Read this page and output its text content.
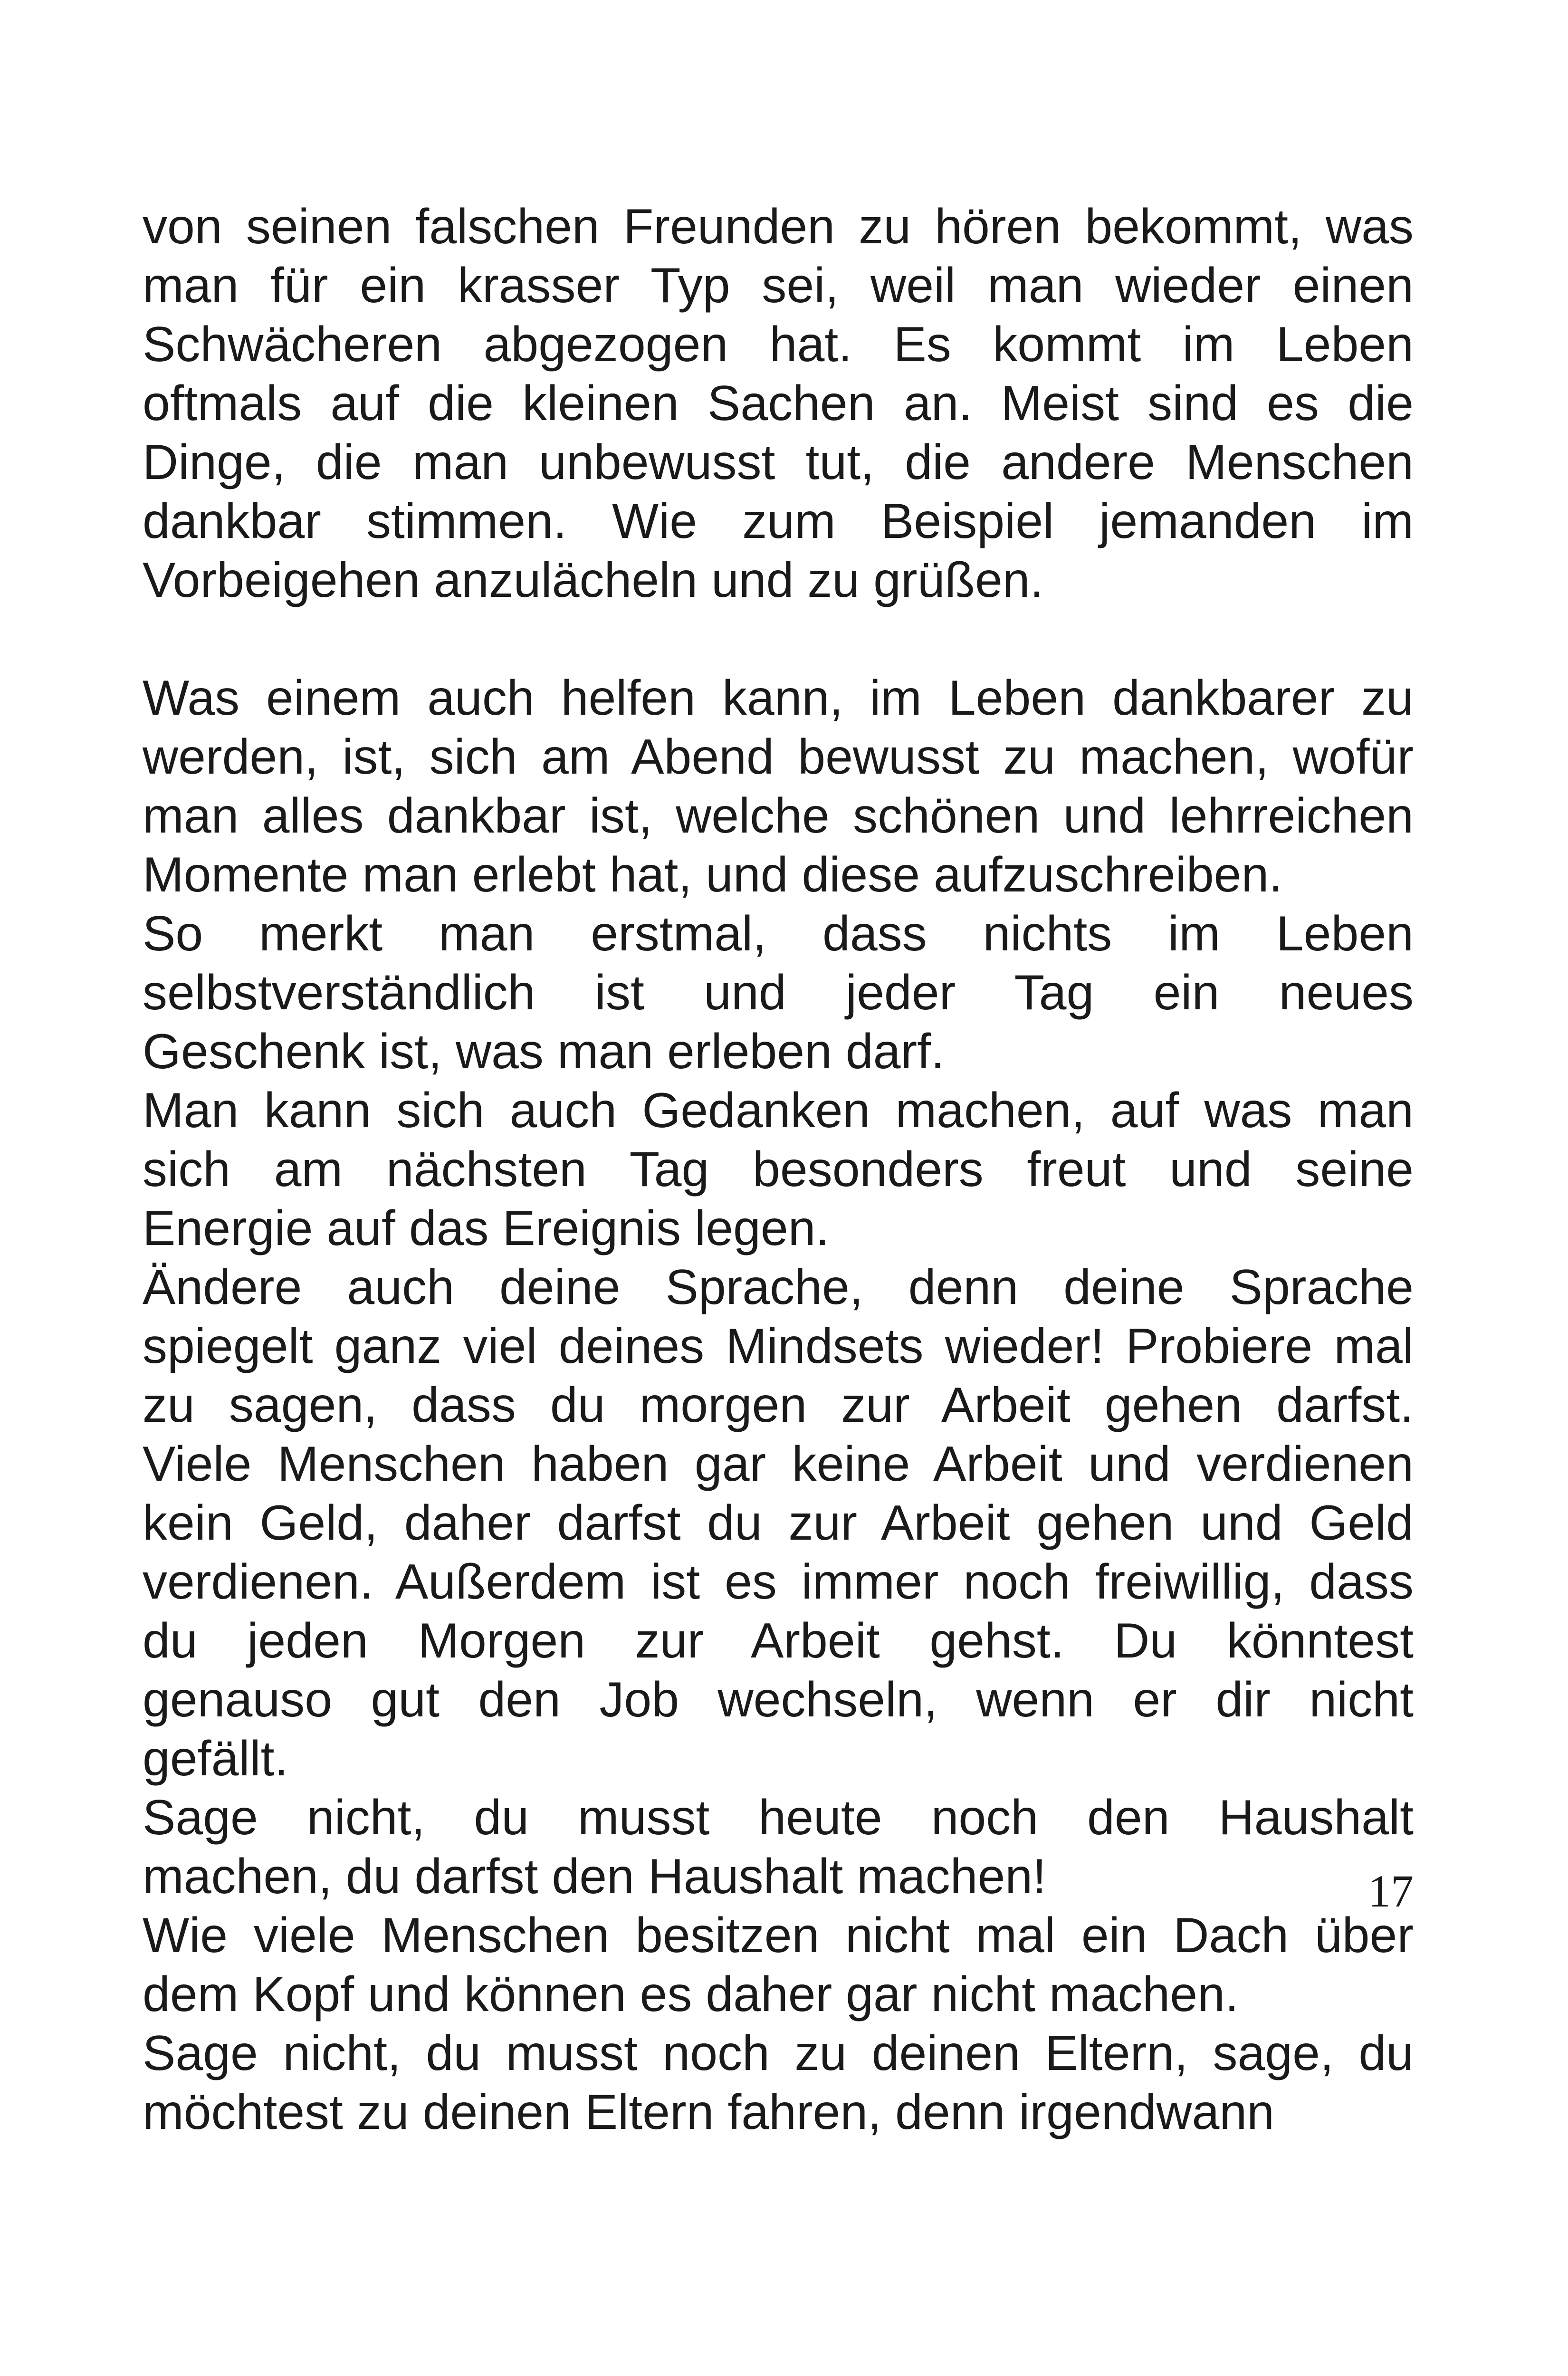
von seinen falschen Freunden zu hören bekommt, was
man für ein krasser Typ sei, weil man wieder einen
Schwächeren abgezogen hat. Es kommt im Leben
oftmals auf die kleinen Sachen an. Meist sind es die
Dinge, die man unbewusst tut, die andere Menschen
dankbar stimmen. Wie zum Beispiel jemanden im
Vorbeigehen anzulächeln und zu grüßen.

Was einem auch helfen kann, im Leben dankbarer zu
werden, ist, sich am Abend bewusst zu machen, wofür
man alles dankbar ist, welche schönen und lehrreichen
Momente man erlebt hat, und diese aufzuschreiben.

So merkt man erstmal, dass nichts im Leben
selbstverständlich ist und jeder Tag ein neues
Geschenk ist, was man erleben darf.

Man kann sich auch Gedanken machen, auf was man
sich am nächsten Tag besonders freut und seine
Energie auf das Ereignis legen.

Ändere auch deine Sprache, denn deine Sprache
spiegelt ganz viel deines Mindsets wieder! Probiere mal
zu sagen, dass du morgen zur Arbeit gehen darfst.
Viele Menschen haben gar keine Arbeit und verdienen
kein Geld, daher darfst du zur Arbeit gehen und Geld
verdienen. Außerdem ist es immer noch freiwillig, dass
du jeden Morgen zur Arbeit gehst. Du könntest
genauso gut den Job wechseln, wenn er dir nicht
gefällt.

Sage nicht, du musst heute noch den Haushalt
machen, du darfst den Haushalt machen!

Wie viele Menschen besitzen nicht mal ein Dach über
dem Kopf und können es daher gar nicht machen.

Sage nicht, du musst noch zu deinen Eltern, sage, du
möchtest zu deinen Eltern fahren, denn irgendwann

17
